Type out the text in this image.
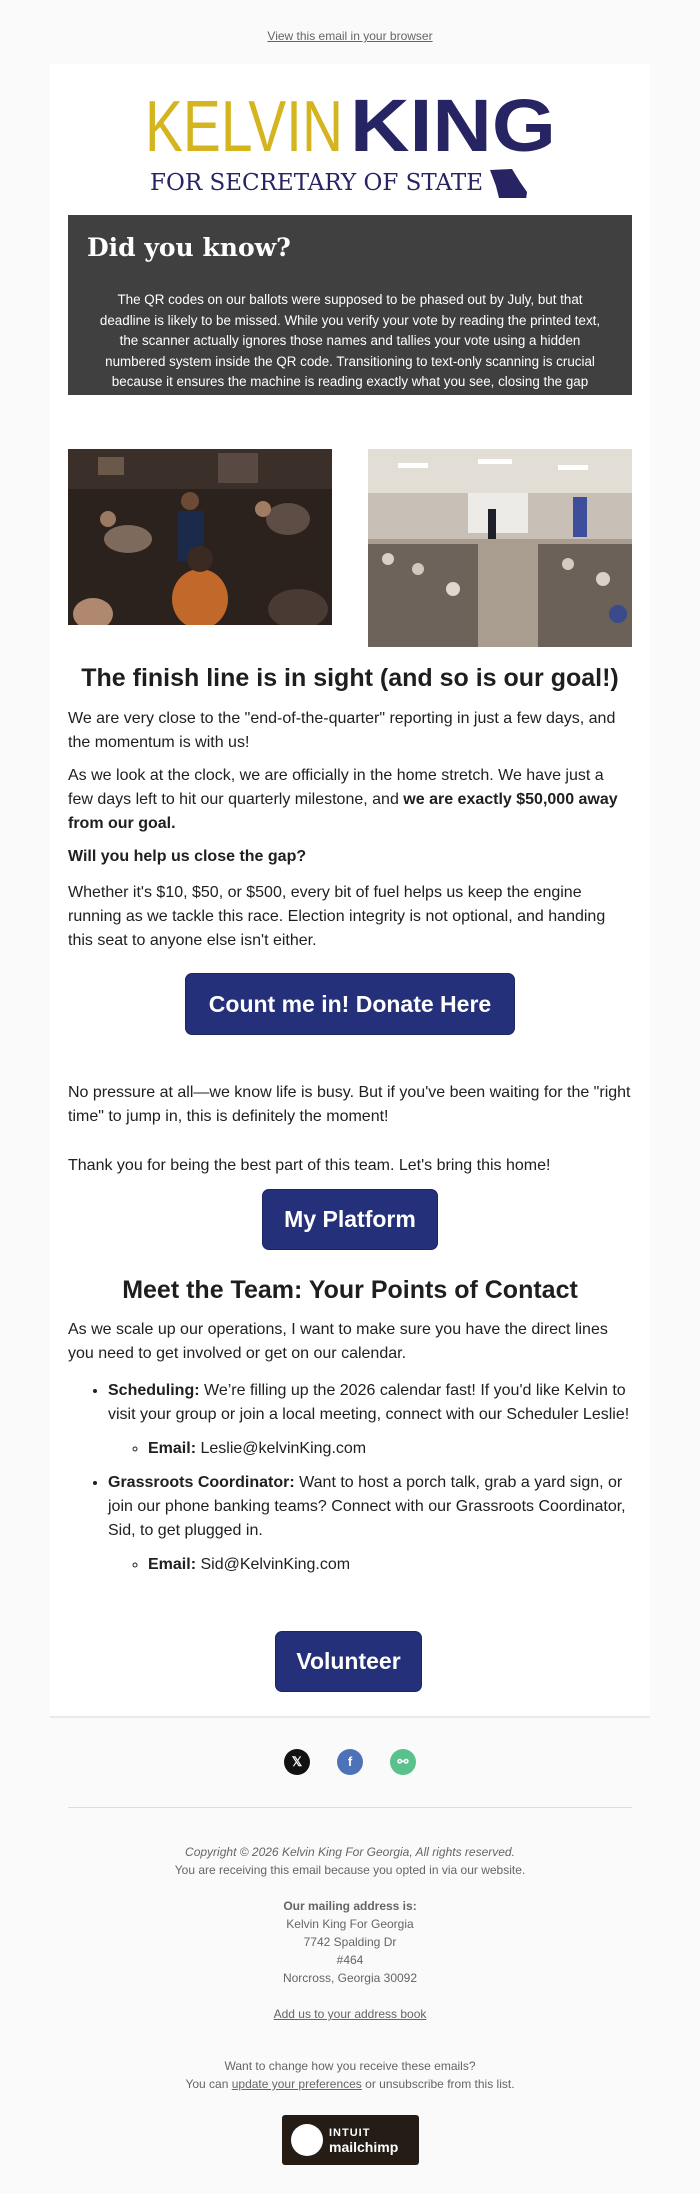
View this email in your browser
KELVIN KING
FOR SECRETARY OF STATE
Did you know?

The QR codes on our ballots were supposed to be phased out by July, but that deadline is likely to be missed. While you verify your vote by reading the printed text, the scanner actually ignores those names and tallies your vote using a hidden numbered system inside the QR code. Transitioning to text-only scanning is crucial because it ensures the machine is reading exactly what you see, closing the gap between voter intent and the final count.

The finish line is in sight (and so is our goal!)

We are very close to the "end-of-the-quarter" reporting in just a few days, and the momentum is with us!

As we look at the clock, we are officially in the home stretch. We have just a few days left to hit our quarterly milestone, and we are exactly $50,000 away from our goal.

Will you help us close the gap?

Whether it's $10, $50, or $500, every bit of fuel helps us keep the engine running as we tackle this race. Election integrity is not optional, and handing this seat to anyone else isn't either.

Count me in! Donate Here

No pressure at all—we know life is busy. But if you've been waiting for the "right time" to jump in, this is definitely the moment!

Thank you for being the best part of this team. Let's bring this home!

My Platform
Meet the Team: Your Points of Contact

As we scale up our operations, I want to make sure you have the direct lines you need to get involved or get on our calendar.

• Scheduling: We’re filling up the 2026 calendar fast! If you'd like Kelvin to visit your group or join a local meeting, connect with our Scheduler Leslie!
◦ Email: Leslie@kelvinKing.com
• Grassroots Coordinator: Want to host a porch talk, grab a yard sign, or join our phone banking teams? Connect with our Grassroots Coordinator, Sid, to get plugged in.
◦ Email: Sid@KelvinKing.com
Volunteer
𝕏	f	⚯
Copyright © 2026 Kelvin King For Georgia, All rights reserved.
You are receiving this email because you opted in via our website.
Our mailing address is:
Kelvin King For Georgia
7742 Spalding Dr
#464
Norcross, Georgia 30092
Add us to your address book
Want to change how you receive these emails?
You can update your preferences or unsubscribe from this list.
INTUIT
mailchimp
